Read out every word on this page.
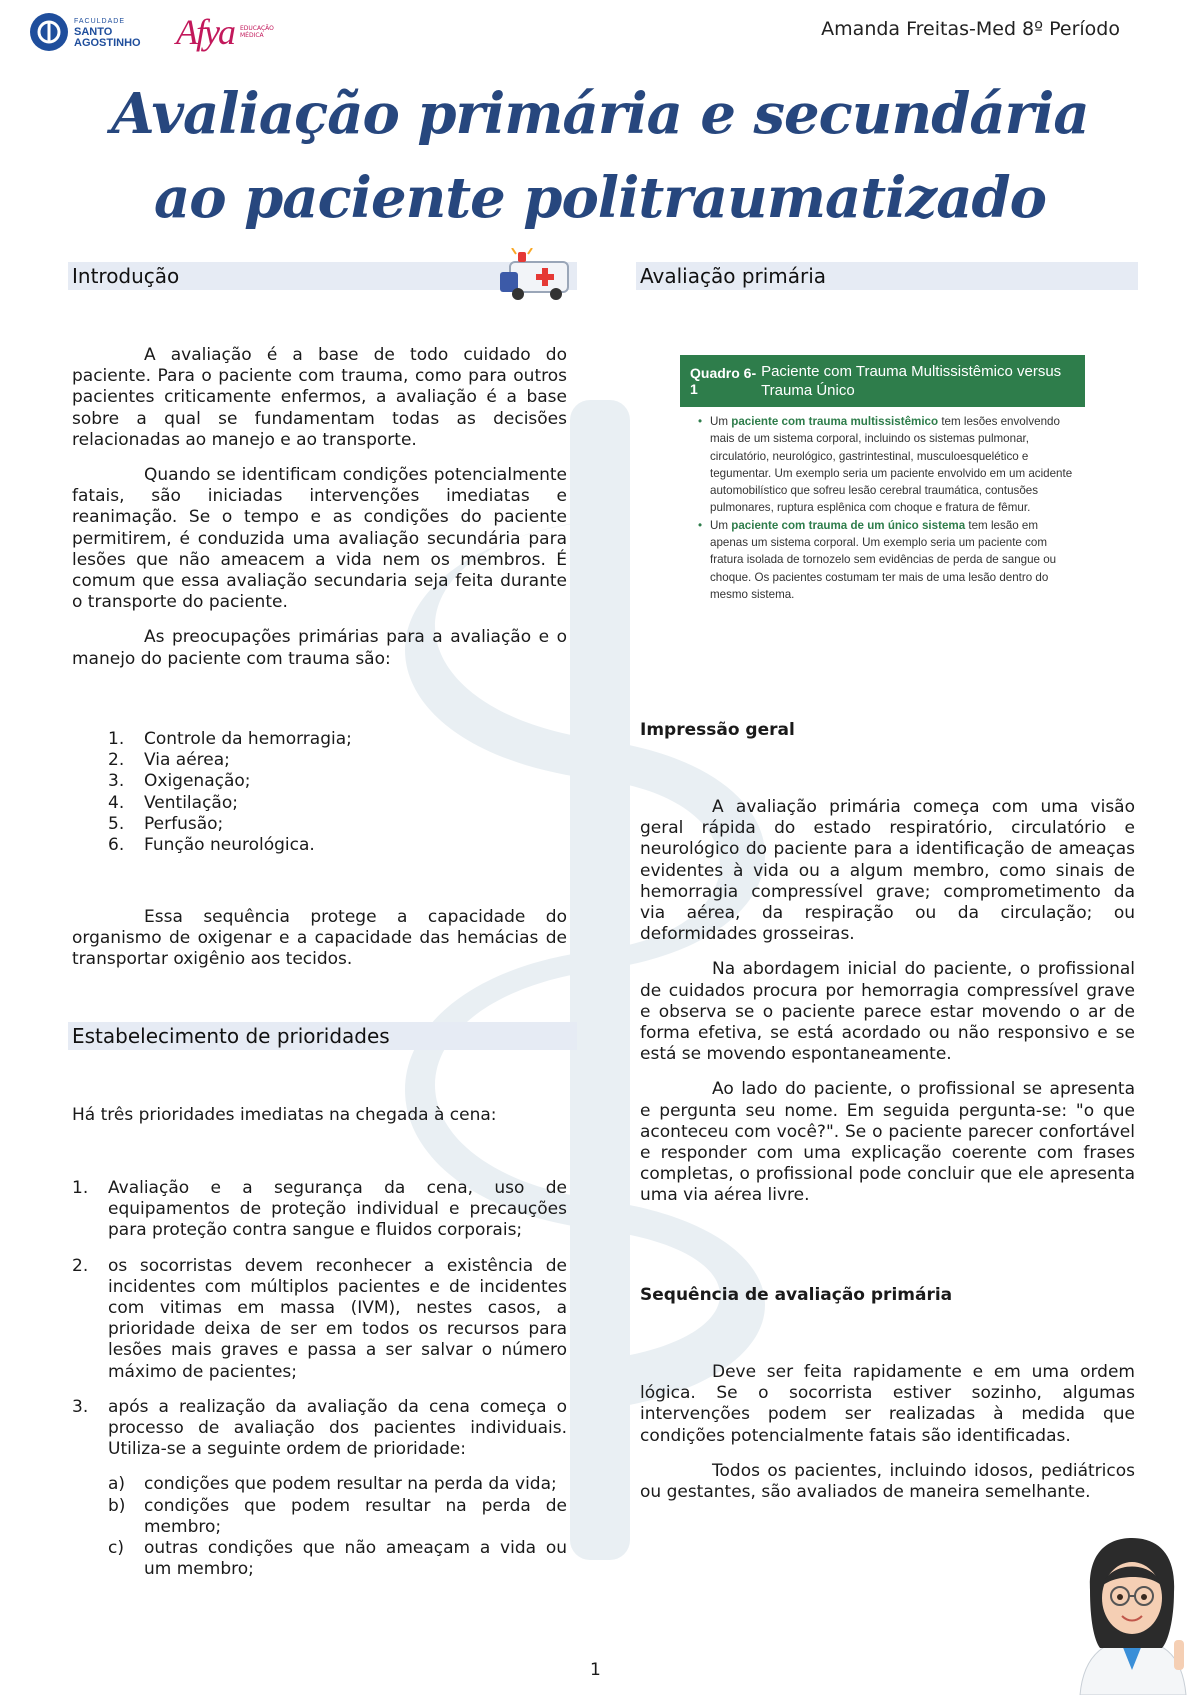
FACULDADE
SANTO AGOSTINHO Afya EDUCAÇÃO MÉDICA	Amanda Freitas-Med 8º Período
Avaliação primária e secundária
ao paciente politraumatizado
Introdução

A avaliação é a base de todo cuidado do paciente. Para o paciente com trauma, como para outros pacientes criticamente enfermos, a avaliação é a base sobre a qual se fundamentam todas as decisões relacionadas ao manejo e ao transporte.

Quando se identificam condições potencialmente fatais, são iniciadas intervenções imediatas e reanimação. Se o tempo e as condições do paciente permitirem, é conduzida uma avaliação secundária para lesões que não ameacem a vida nem os membros. É comum que essa avaliação secundaria seja feita durante o transporte do paciente.

As preocupações primárias para a avaliação e o manejo do paciente com trauma são:

1. Controle da hemorragia;
2. Via aérea;
3. Oxigenação;
4. Ventilação;
5. Perfusão;
6. Função neurológica.

Essa sequência protege a capacidade do organismo de oxigenar e a capacidade das hemácias de transportar oxigênio aos tecidos.

Estabelecimento de prioridades

Há três prioridades imediatas na chegada à cena:

1. Avaliação e a segurança da cena, uso de equipamentos de proteção individual e precauções para proteção contra sangue e fluidos corporais;
2. os socorristas devem reconhecer a existência de incidentes com múltiplos pacientes e de incidentes com vitimas em massa (IVM), nestes casos, a prioridade deixa de ser em todos os recursos para lesões mais graves e passa a ser salvar o número máximo de pacientes;
3. após a realização da avaliação da cena começa o processo de avaliação dos pacientes individuais. Utiliza-se a seguinte ordem de prioridade:
a) condições que podem resultar na perda da vida;
b) condições que podem resultar na perda de membro;
c) outras condições que não ameaçam a vida ou um membro;
Avaliação primária
Quadro 6-1
Paciente com Trauma Multissistêmico versus Trauma Único
• Um paciente com trauma multissistêmico tem lesões envolvendo mais de um sistema corporal, incluindo os sistemas pulmonar, circulatório, neurológico, gastrintestinal, musculoesquelético e tegumentar. Um exemplo seria um paciente envolvido em um acidente automobilístico que sofreu lesão cerebral traumática, contusões pulmonares, ruptura esplênica com choque e fratura de fêmur.
• Um paciente com trauma de um único sistema tem lesão em apenas um sistema corporal. Um exemplo seria um paciente com fratura isolada de tornozelo sem evidências de perda de sangue ou choque. Os pacientes costumam ter mais de uma lesão dentro do mesmo sistema.
Impressão geral

A avaliação primária começa com uma visão geral rápida do estado respiratório, circulatório e neurológico do paciente para a identificação de ameaças evidentes à vida ou a algum membro, como sinais de hemorragia compressível grave; comprometimento da via aérea, da respiração ou da circulação; ou deformidades grosseiras.

Na abordagem inicial do paciente, o profissional de cuidados procura por hemorragia compressível grave e observa se o paciente parece estar movendo o ar de forma efetiva, se está acordado ou não responsivo e se está se movendo espontaneamente.

Ao lado do paciente, o profissional se apresenta e pergunta seu nome. Em seguida pergunta-se: "o que aconteceu com você?". Se o paciente parecer confortável e responder com uma explicação coerente com frases completas, o profissional pode concluir que ele apresenta uma via aérea livre.

Sequência de avaliação primária

Deve ser feita rapidamente e em uma ordem lógica. Se o socorrista estiver sozinho, algumas intervenções podem ser realizadas à medida que condições potencialmente fatais são identificadas.

Todos os pacientes, incluindo idosos, pediátricos ou gestantes, são avaliados de maneira semelhante.

1
